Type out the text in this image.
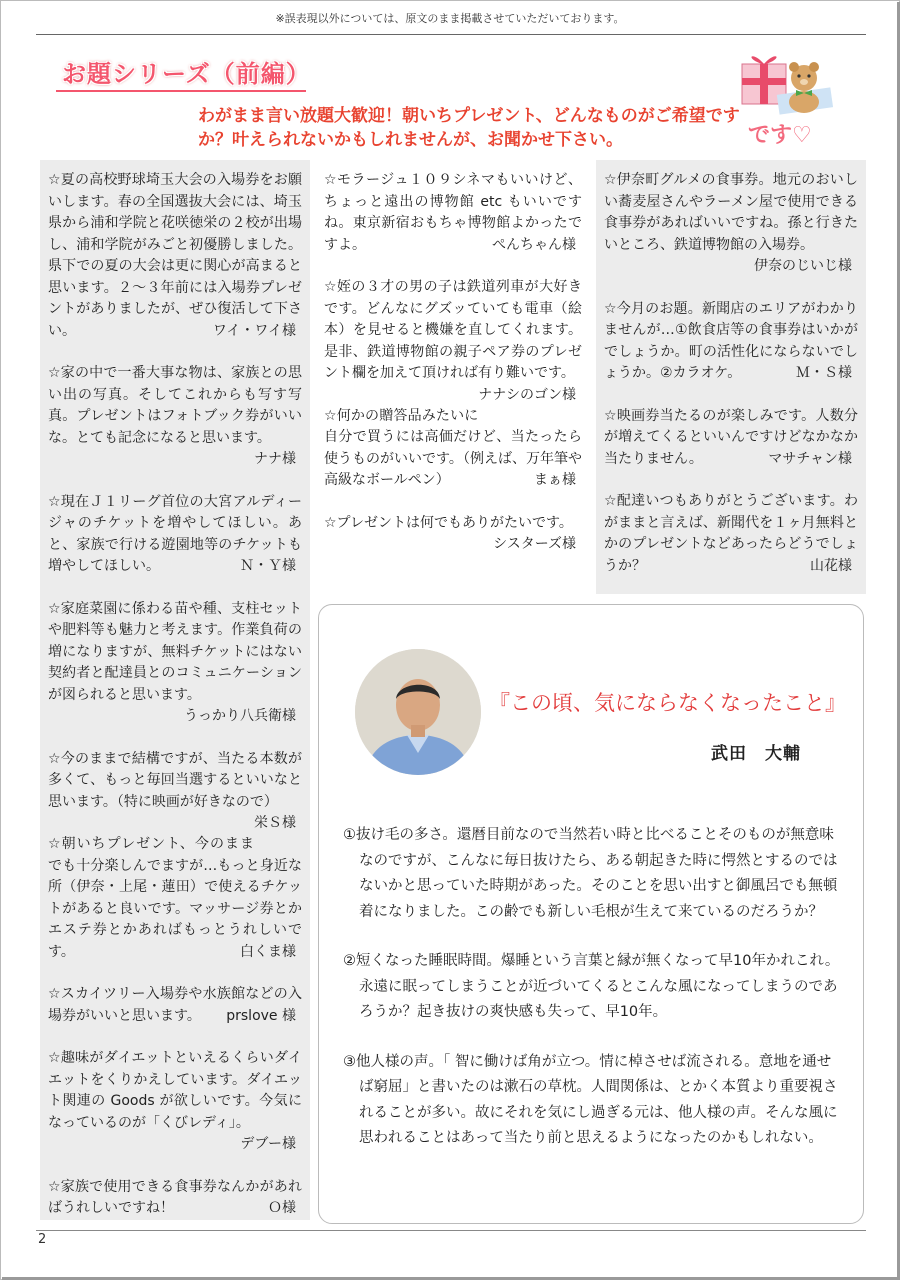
※誤表現以外については、原文のまま掲載させていただいております。
お題シリーズ（前編）
わがまま言い放題大歓迎！朝いちプレゼント、どんなものがご希望ですか？叶えられないかもしれませんが、お聞かせ下さい。	です♡
☆夏の高校野球埼玉大会の入場券をお願いします。春の全国選抜大会には、埼玉県から浦和学院と花咲徳栄の２校が出場し、浦和学院がみごと初優勝しました。県下での夏の大会は更に関心が高まると思います。２〜３年前には入場券プレゼントがありましたが、ぜひ復活して下さい。	ワイ・ワイ様
☆家の中で一番大事な物は、家族との思い出の写真。そしてこれからも写す写真。プレゼントはフォトブック券がいいな。とても記念になると思います。
ナナ様
☆現在Ｊ１リーグ首位の大宮アルディージャのチケットを増やしてほしい。あと、家族で行ける遊園地等のチケットも増やしてほしい。	Ｎ・Ｙ様
☆家庭菜園に係わる苗や種、支柱セットや肥料等も魅力と考えます。作業負荷の増になりますが、無料チケットにはない契約者と配達員とのコミュニケーションが図られると思います。
うっかり八兵衛様
☆今のままで結構ですが、当たる本数が多くて、もっと毎回当選するといいなと思います。（特に映画が好きなので）
栄Ｓ様
☆朝いちプレゼント、今のままでも十分楽しんでますが…もっと身近な所（伊奈・上尾・蓮田）で使えるチケットがあると良いです。マッサージ券とかエステ券とかあればもっとうれしいです。	白くま様
☆スカイツリー入場券や水族館などの入場券がいいと思います。 prslove 様
☆趣味がダイエットといえるくらいダイエットをくりかえしています。ダイエット関連の Goods が欲しいです。今気になっているのが「くびレディ」。
デブー様
☆家族で使用できる食事券なんかがあればうれしいですね！	Ｏ様
☆モラージュ１０９シネマもいいけど、ちょっと遠出の博物館 etc もいいですね。東京新宿おもちゃ博物館よかったですよ。	ぺんちゃん様
☆姪の３才の男の子は鉄道列車が大好きです。どんなにグズッていても電車（絵本）を見せると機嫌を直してくれます。是非、鉄道博物館の親子ペア券のプレゼント欄を加えて頂ければ有り難いです。
ナナシのゴン様
☆何かの贈答品みたいに自分で買うには高価だけど、当たったら使うものがいいです。（例えば、万年筆や高級なボールペン）	まぁ様
☆プレゼントは何でもありがたいです。
シスターズ様
☆伊奈町グルメの食事券。地元のおいしい蕎麦屋さんやラーメン屋で使用できる食事券があればいいですね。孫と行きたいところ、鉄道博物館の入場券。
伊奈のじいじ様
☆今月のお題。新聞店のエリアがわかりませんが…①飲食店等の食事券はいかがでしょうか。町の活性化にならないでしょうか。②カラオケ。	Ｍ・Ｓ様
☆映画券当たるのが楽しみです。人数分が増えてくるといいんですけどなかなか当たりません。	マサチャン様
☆配達いつもありがとうございます。わがままと言えば、新聞代を１ヶ月無料とかのプレゼントなどあったらどうでしょうか？	山花様
『この頃、気にならなくなったこと』
武田　大輔

①抜け毛の多さ。還暦目前なので当然若い時と比べることそのものが無意味なのですが、こんなに毎日抜けたら、ある朝起きた時に愕然とするのではないかと思っていた時期があった。そのことを思い出すと御風呂でも無頓着になりました。この齢でも新しい毛根が生えて来ているのだろうか？

②短くなった睡眠時間。爆睡という言葉と縁が無くなって早10年かれこれ。永遠に眠ってしまうことが近づいてくるとこんな風になってしまうのであろうか？起き抜けの爽快感も失って、早10年。

③他人様の声。「 智に働けば角が立つ。情に棹させば流される。意地を通せば窮屈」と書いたのは漱石の草枕。人間関係は、とかく本質より重要視されることが多い。故にそれを気にし過ぎる元は、他人様の声。そんな風に思われることはあって当たり前と思えるようになったのかもしれない。

2
